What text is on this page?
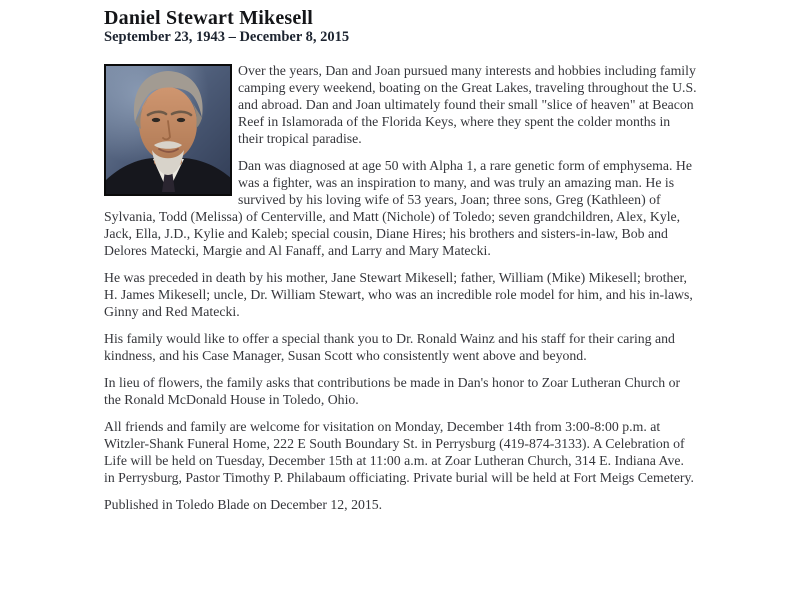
Daniel Stewart Mikesell
September 23, 1943 – December 8, 2015

Over the years, Dan and Joan pursued many interests and hobbies including family camping every weekend, boating on the Great Lakes, traveling throughout the U.S. and abroad. Dan and Joan ultimately found their small "slice of heaven" at Beacon Reef in Islamorada of the Florida Keys, where they spent the colder months in their tropical paradise.

Dan was diagnosed at age 50 with Alpha 1, a rare genetic form of emphysema. He was a fighter, was an inspiration to many, and was truly an amazing man. He is survived by his loving wife of 53 years, Joan; three sons, Greg (Kathleen) of Sylvania, Todd (Melissa) of Centerville, and Matt (Nichole) of Toledo; seven grandchildren, Alex, Kyle, Jack, Ella, J.D., Kylie and Kaleb; special cousin, Diane Hires; his brothers and sisters-in-law, Bob and Delores Matecki, Margie and Al Fanaff, and Larry and Mary Matecki.

He was preceded in death by his mother, Jane Stewart Mikesell; father, William (Mike) Mikesell; brother, H. James Mikesell; uncle, Dr. William Stewart, who was an incredible role model for him, and his in-laws, Ginny and Red Matecki.

His family would like to offer a special thank you to Dr. Ronald Wainz and his staff for their caring and kindness, and his Case Manager, Susan Scott who consistently went above and beyond.

In lieu of flowers, the family asks that contributions be made in Dan's honor to Zoar Lutheran Church or the Ronald McDonald House in Toledo, Ohio.

All friends and family are welcome for visitation on Monday, December 14th from 3:00-8:00 p.m. at Witzler-Shank Funeral Home, 222 E South Boundary St. in Perrysburg (419-874-3133). A Celebration of Life will be held on Tuesday, December 15th at 11:00 a.m. at Zoar Lutheran Church, 314 E. Indiana Ave. in Perrysburg, Pastor Timothy P. Philabaum officiating. Private burial will be held at Fort Meigs Cemetery.

Published in Toledo Blade on December 12, 2015.
